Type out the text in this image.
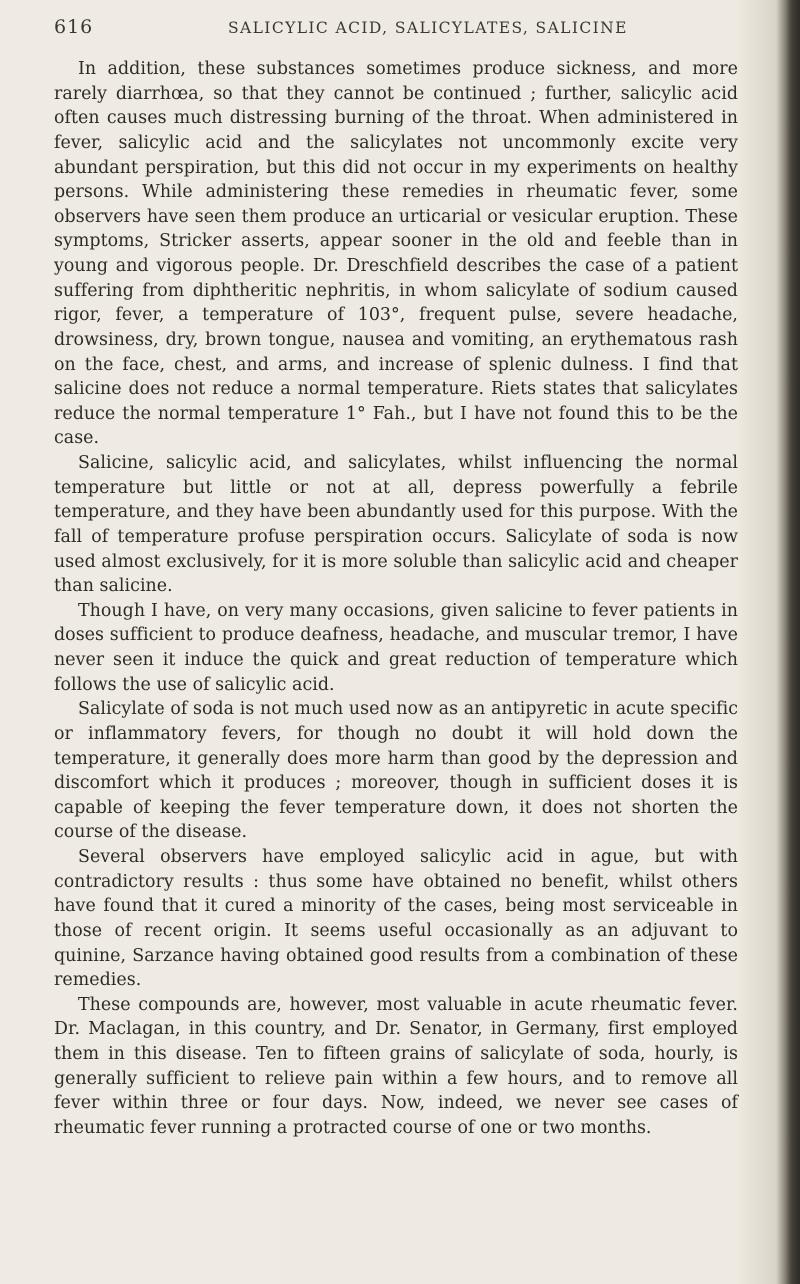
616	SALICYLIC ACID, SALICYLATES, SALICINE

In addition, these substances sometimes produce sickness, and more rarely diarrhœa, so that they cannot be continued ; further, salicylic acid often causes much distressing burning of the throat. When administered in fever, salicylic acid and the salicylates not uncommonly excite very abundant perspiration, but this did not occur in my experiments on healthy persons. While administering these remedies in rheumatic fever, some observers have seen them produce an urticarial or vesicular eruption. These symptoms, Stricker asserts, appear sooner in the old and feeble than in young and vigorous people. Dr. Dreschfield describes the case of a patient suffering from diphtheritic nephritis, in whom salicylate of sodium caused rigor, fever, a temperature of 103°, frequent pulse, severe headache, drowsiness, dry, brown tongue, nausea and vomiting, an erythematous rash on the face, chest, and arms, and increase of splenic dulness. I find that salicine does not reduce a normal temperature. Riets states that salicylates reduce the normal temperature 1° Fah., but I have not found this to be the case.

Salicine, salicylic acid, and salicylates, whilst influencing the normal temperature but little or not at all, depress powerfully a febrile temperature, and they have been abundantly used for this purpose. With the fall of temperature profuse perspiration occurs. Salicylate of soda is now used almost exclusively, for it is more soluble than salicylic acid and cheaper than salicine.

Though I have, on very many occasions, given salicine to fever patients in doses sufficient to produce deafness, headache, and muscular tremor, I have never seen it induce the quick and great reduction of temperature which follows the use of salicylic acid.

Salicylate of soda is not much used now as an antipyretic in acute specific or inflammatory fevers, for though no doubt it will hold down the temperature, it generally does more harm than good by the depression and discomfort which it produces ; moreover, though in sufficient doses it is capable of keeping the fever temperature down, it does not shorten the course of the disease.

Several observers have employed salicylic acid in ague, but with contradictory results : thus some have obtained no benefit, whilst others have found that it cured a minority of the cases, being most serviceable in those of recent origin. It seems useful occasionally as an adjuvant to quinine, Sarzance having obtained good results from a combination of these remedies.

These compounds are, however, most valuable in acute rheumatic fever. Dr. Maclagan, in this country, and Dr. Senator, in Germany, first employed them in this disease. Ten to fifteen grains of salicylate of soda, hourly, is generally sufficient to relieve pain within a few hours, and to remove all fever within three or four days. Now, indeed, we never see cases of rheumatic fever running a protracted course of one or two months.
